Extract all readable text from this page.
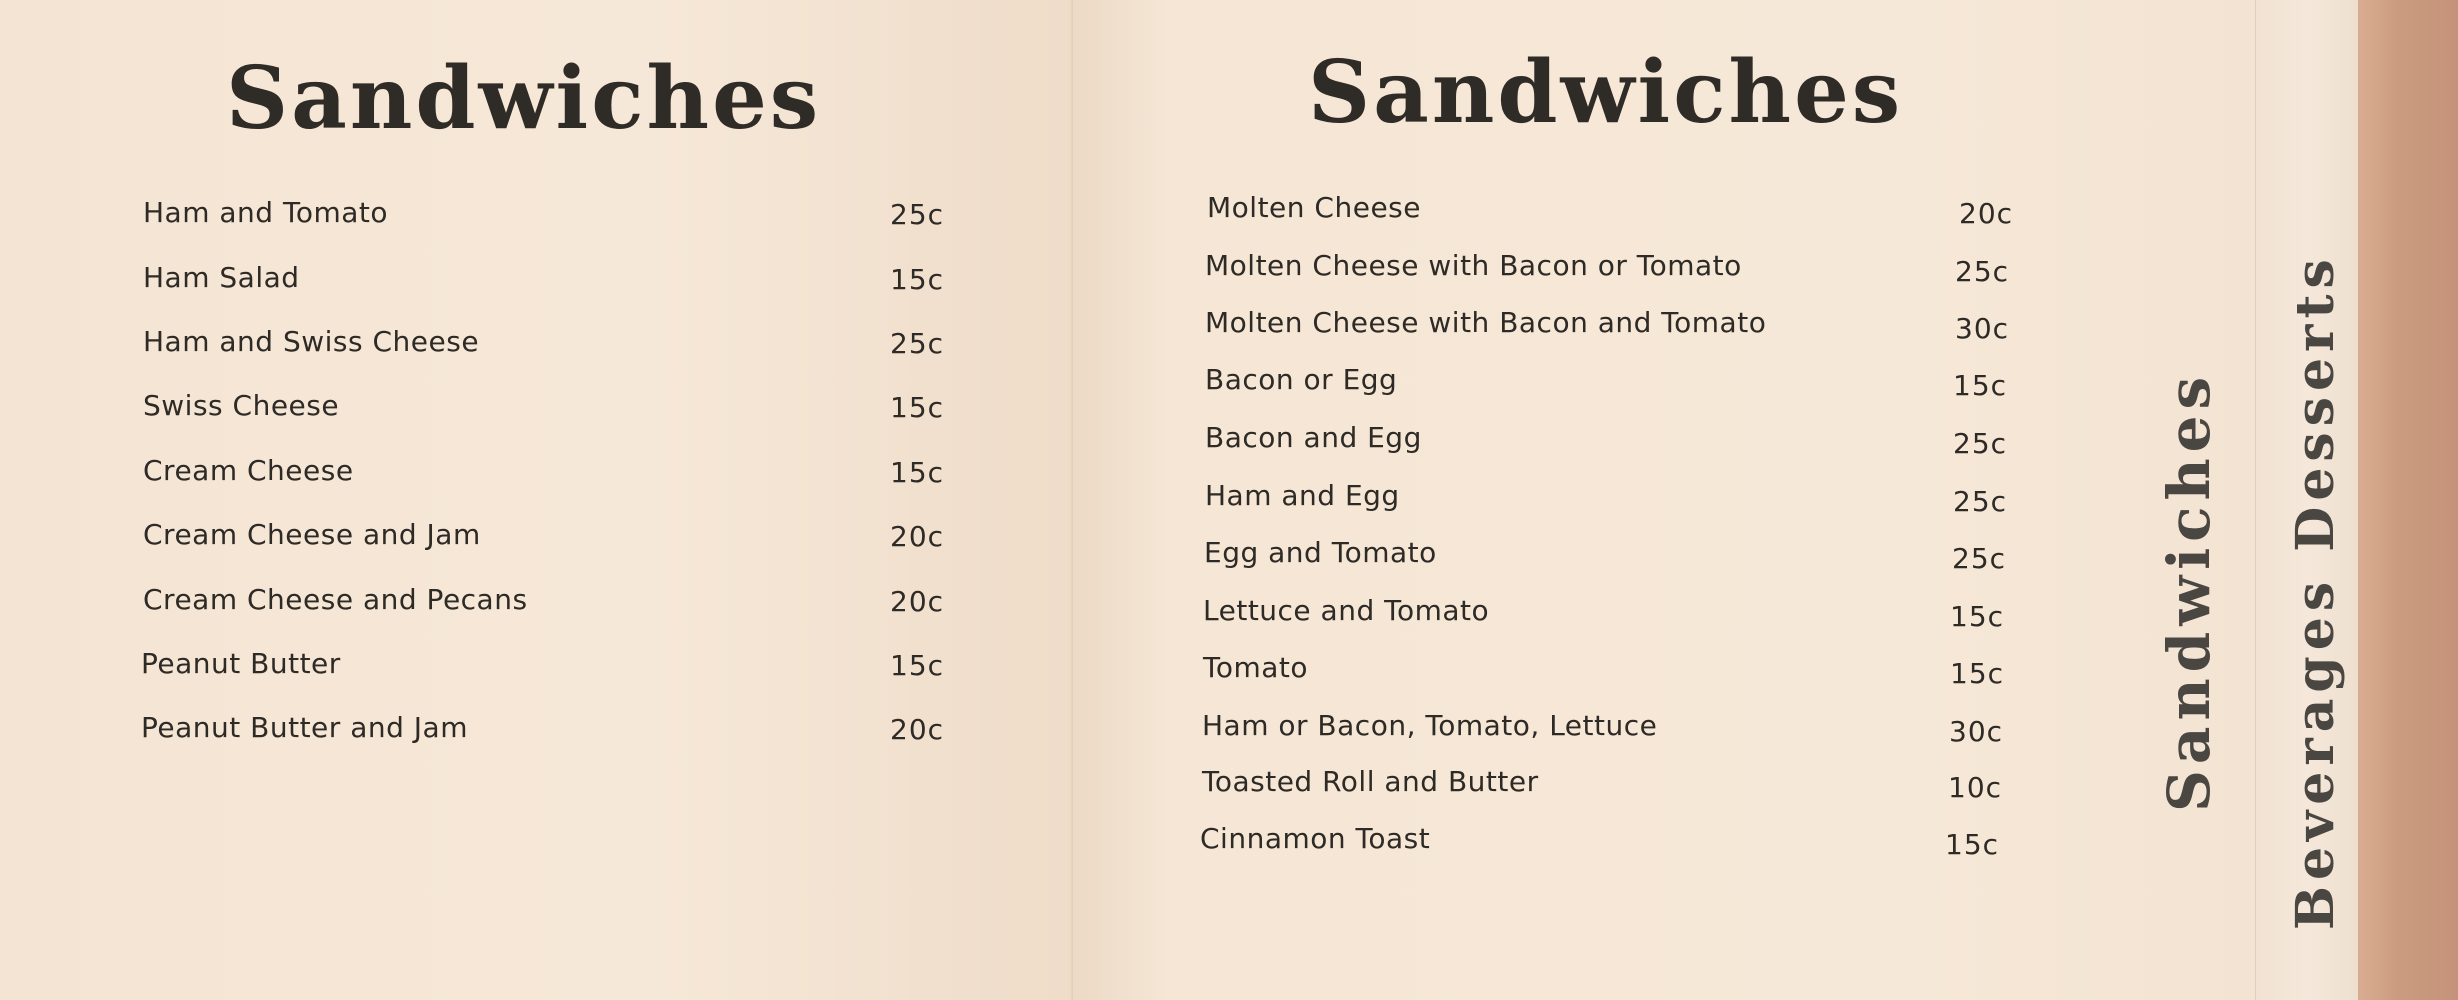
Sandwiches
Ham and Tomato	25c
Ham Salad	15c
Ham and Swiss Cheese	25c
Swiss Cheese	15c
Cream Cheese	15c
Cream Cheese and Jam	20c
Cream Cheese and Pecans	20c
Peanut Butter	15c
Peanut Butter and Jam	20c
Sandwiches
Molten Cheese	20c
Molten Cheese with Bacon or Tomato	25c
Molten Cheese with Bacon and Tomato	30c
Bacon or Egg	15c
Bacon and Egg	25c
Ham and Egg	25c
Egg and Tomato	25c
Lettuce and Tomato	15c
Tomato	15c
Ham or Bacon, Tomato, Lettuce	30c
Toasted Roll and Butter	10c
Cinnamon Toast	15c
Sandwiches Beverages Desserts
